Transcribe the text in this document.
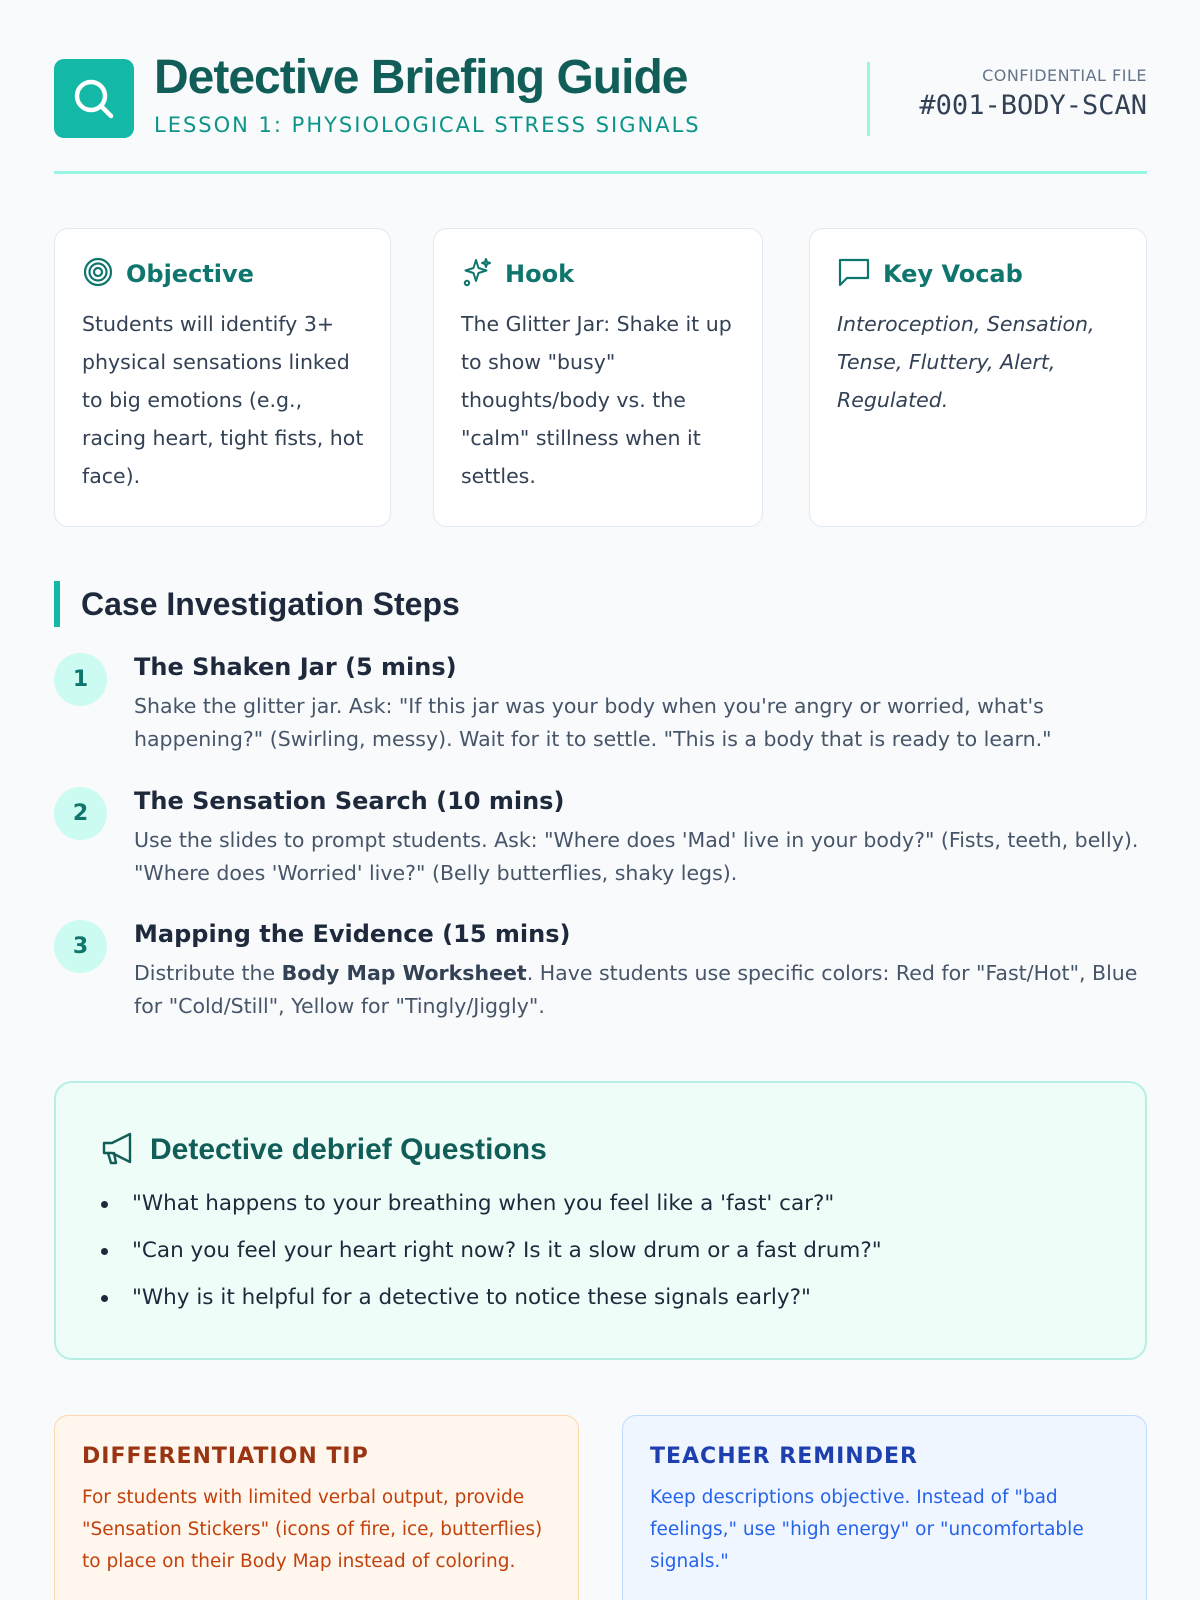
Detective Briefing Guide
LESSON 1: PHYSIOLOGICAL STRESS SIGNALS
CONFIDENTIAL FILE
#001-BODY-SCAN
Objective

Students will identify 3+ physical sensations linked to big emotions (e.g., racing heart, tight fists, hot face).

Hook

The Glitter Jar: Shake it up to show "busy" thoughts/body vs. the "calm" stillness when it settles.

Key Vocab

Interoception, Sensation, Tense, Fluttery, Alert, Regulated.

Case Investigation Steps
1	The Shaken Jar (5 mins)

Shake the glitter jar. Ask: "If this jar was your body when you're angry or worried, what's happening?" (Swirling, messy). Wait for it to settle. "This is a body that is ready to learn."

2	The Sensation Search (10 mins)

Use the slides to prompt students. Ask: "Where does 'Mad' live in your body?" (Fists, teeth, belly). "Where does 'Worried' live?" (Belly butterflies, shaky legs).

3	Mapping the Evidence (15 mins)

Distribute the Body Map Worksheet. Have students use specific colors: Red for "Fast/Hot", Blue for "Cold/Still", Yellow for "Tingly/Jiggly".

Detective debrief Questions
"What happens to your breathing when you feel like a 'fast' car?"
"Can you feel your heart right now? Is it a slow drum or a fast drum?"
"Why is it helpful for a detective to notice these signals early?"
DIFFERENTIATION TIP

For students with limited verbal output, provide "Sensation Stickers" (icons of fire, ice, butterflies) to place on their Body Map instead of coloring.

TEACHER REMINDER

Keep descriptions objective. Instead of "bad feelings," use "high energy" or "uncomfortable signals."
